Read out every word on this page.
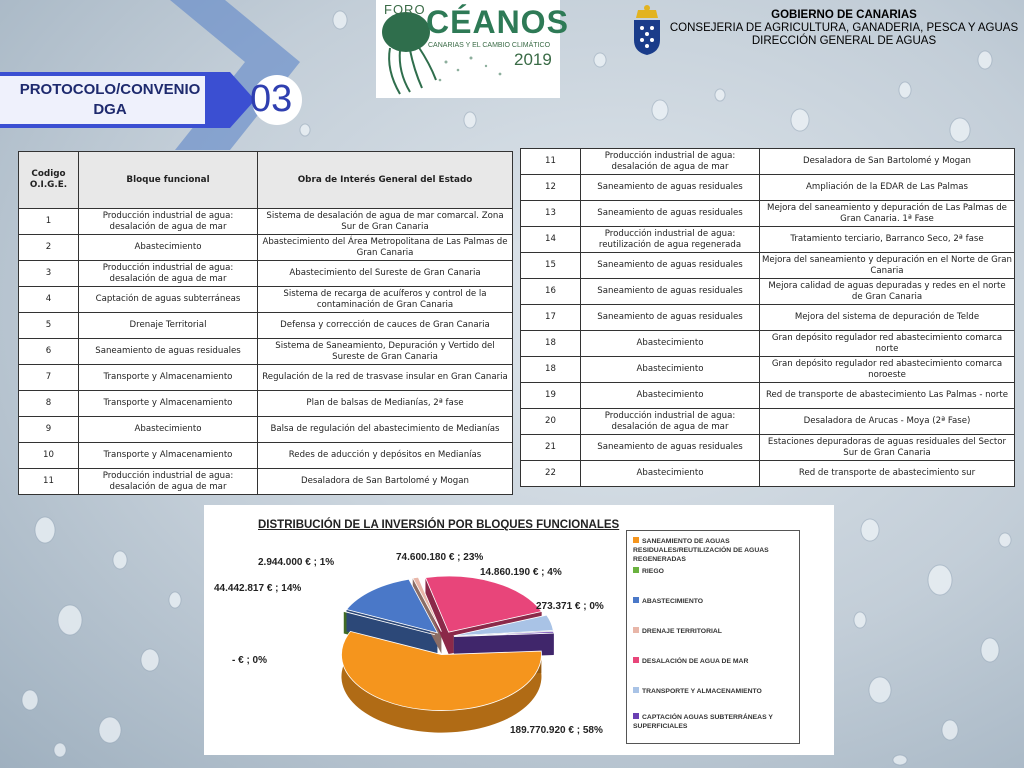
PROTOCOLO/CONVENIO DGA	03
FORO CÉANOS
CANARIAS Y EL CAMBIO CLIMÁTICO
2019
GOBIERNO DE CANARIAS
CONSEJERIA DE AGRICULTURA, GANADERIA, PESCA Y AGUAS
DIRECCIÓN GENERAL DE AGUAS
Codigo O.I.G.E.	Bloque funcional	Obra de Interés General del Estado
1	Producción industrial de agua: desalación de agua de mar	Sistema de desalación de agua de mar comarcal. Zona Sur de Gran Canaria
2	Abastecimiento	Abastecimiento del Área Metropolitana de Las Palmas de Gran Canaria
3	Producción industrial de agua: desalación de agua de mar	Abastecimiento del Sureste de Gran Canaria
4	Captación de aguas subterráneas	Sistema de recarga de acuíferos y control de la contaminación de Gran Canaria
5	Drenaje Territorial	Defensa y corrección de cauces de Gran Canaria
6	Saneamiento de aguas residuales	Sistema de Saneamiento, Depuración y Vertido del Sureste de Gran Canaria
7	Transporte y Almacenamiento	Regulación de la red de trasvase insular en Gran Canaria
8	Transporte y Almacenamiento	Plan de balsas de Medianías, 2ª fase
9	Abastecimiento	Balsa de regulación del abastecimiento de Medianías
10	Transporte y Almacenamiento	Redes de aducción y depósitos en Medianías
11	Producción industrial de agua: desalación de agua de mar	Desaladora de San Bartolomé y Mogan
11	Producción industrial de agua: desalación de agua de mar	Desaladora de San Bartolomé y Mogan
12	Saneamiento de aguas residuales	Ampliación de la EDAR de Las Palmas
13	Saneamiento de aguas residuales	Mejora del saneamiento y depuración de Las Palmas de Gran Canaria. 1ª Fase
14	Producción industrial de agua: reutilización de agua regenerada	Tratamiento terciario, Barranco Seco, 2ª fase
15	Saneamiento de aguas residuales	Mejora del saneamiento y depuración en el Norte de Gran Canaria
16	Saneamiento de aguas residuales	Mejora calidad de aguas depuradas y redes en el norte de Gran Canaria
17	Saneamiento de aguas residuales	Mejora del sistema de depuración de Telde
18	Abastecimiento	Gran depósito regulador red abastecimiento comarca norte
18	Abastecimiento	Gran depósito regulador red abastecimiento comarca noroeste
19	Abastecimiento	Red de transporte de abastecimiento Las Palmas - norte
20	Producción industrial de agua: desalación de agua de mar	Desaladora de Arucas - Moya (2ª Fase)
21	Saneamiento de aguas residuales	Estaciones depuradoras de aguas residuales del Sector Sur de Gran Canaria
22	Abastecimiento	Red de transporte de abastecimiento sur
DISTRIBUCIÓN DE LA INVERSIÓN POR BLOQUES FUNCIONALES
189.770.920 € ; 58%
- € ; 0%
44.442.817 € ; 14%
2.944.000 € ; 1%	74.600.180 € ; 23%
14.860.190 € ; 4%
273.371 € ; 0%
SANEAMIENTO DE AGUAS RESIDUALES/REUTILIZACIÓN DE AGUAS REGENERADAS
RIEGO
ABASTECIMIENTO
DRENAJE TERRITORIAL
DESALACIÓN DE AGUA DE MAR
TRANSPORTE Y ALMACENAMIENTO
CAPTACIÓN AGUAS SUBTERRÁNEAS Y SUPERFICIALES
